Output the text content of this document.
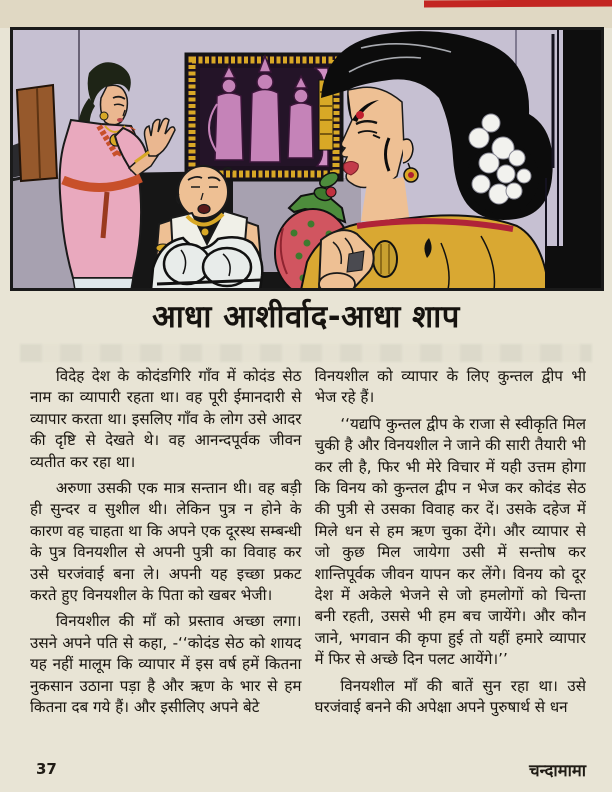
आधा आशीर्वाद-आधा शाप

विदेह देश के कोदंडगिरि गाँव में कोदंड सेठ नाम का व्यापारी रहता था। वह पूरी ईमानदारी से व्यापार करता था। इसलिए गाँव के लोग उसे आदर की दृष्टि से देखते थे। वह आनन्दपूर्वक जीवन व्यतीत कर रहा था।

अरुणा उसकी एक मात्र सन्तान थी। वह बड़ी ही सुन्दर व सुशील थी। लेकिन पुत्र न होने के कारण वह चाहता था कि अपने एक दूरस्थ सम्बन्धी के पुत्र विनयशील से अपनी पुत्री का विवाह कर उसे घरजंवाई बना ले। अपनी यह इच्छा प्रकट करते हुए विनयशील के पिता को खबर भेजी।

विनयशील की माँ को प्रस्ताव अच्छा लगा। उसने अपने पति से कहा, -‘‘कोदंड सेठ को शायद यह नहीं मालूम कि व्यापार में इस वर्ष हमें कितना नुकसान उठाना पड़ा है और ऋण के भार से हम कितना दब गये हैं। और इसीलिए अपने बेटे

विनयशील को व्यापार के लिए कुन्तल द्वीप भी भेज रहे हैं।

‘‘यद्यपि कुन्तल द्वीप के राजा से स्वीकृति मिल चुकी है और विनयशील ने जाने की सारी तैयारी भी कर ली है, फिर भी मेरे विचार में यही उत्तम होगा कि विनय को कुन्तल द्वीप न भेज कर कोदंड सेठ की पुत्री से उसका विवाह कर दें। उसके दहेज में मिले धन से हम ऋण चुका देंगे। और व्यापार से जो कुछ मिल जायेगा उसी में सन्तोष कर शान्तिपूर्वक जीवन यापन कर लेंगे। विनय को दूर देश में अकेले भेजने से जो हमलोगों को चिन्ता बनी रहती, उससे भी हम बच जायेंगे। और कौन जाने, भगवान की कृपा हुई तो यहीं हमारे व्यापार में फिर से अच्छे दिन पलट आयेंगे।’’

विनयशील माँ की बातें सुन रहा था। उसे घरजंवाई बनने की अपेक्षा अपने पुरुषार्थ से धन

37	चन्दामामा
